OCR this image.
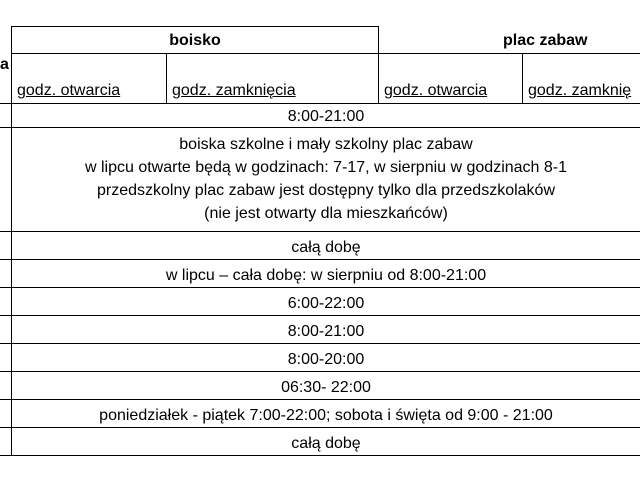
a
boisko	plac zabaw
godz. otwarcia	godz. zamknięcia	godz. otwarcia	godz. zamknię
8:00-21:00
boiska szkolne i mały szkolny plac zabaw
w lipcu otwarte będą w godzinach: 7-17, w sierpniu w godzinach 8-1
przedszkolny plac zabaw jest dostępny tylko dla przedszkolaków
(nie jest otwarty dla mieszkańców)
całą dobę
w lipcu – cała dobę: w sierpniu od 8:00-21:00
6:00-22:00
8:00-21:00
8:00-20:00
06:30- 22:00
poniedziałek - piątek 7:00-22:00; sobota i święta od 9:00 - 21:00
całą dobę
